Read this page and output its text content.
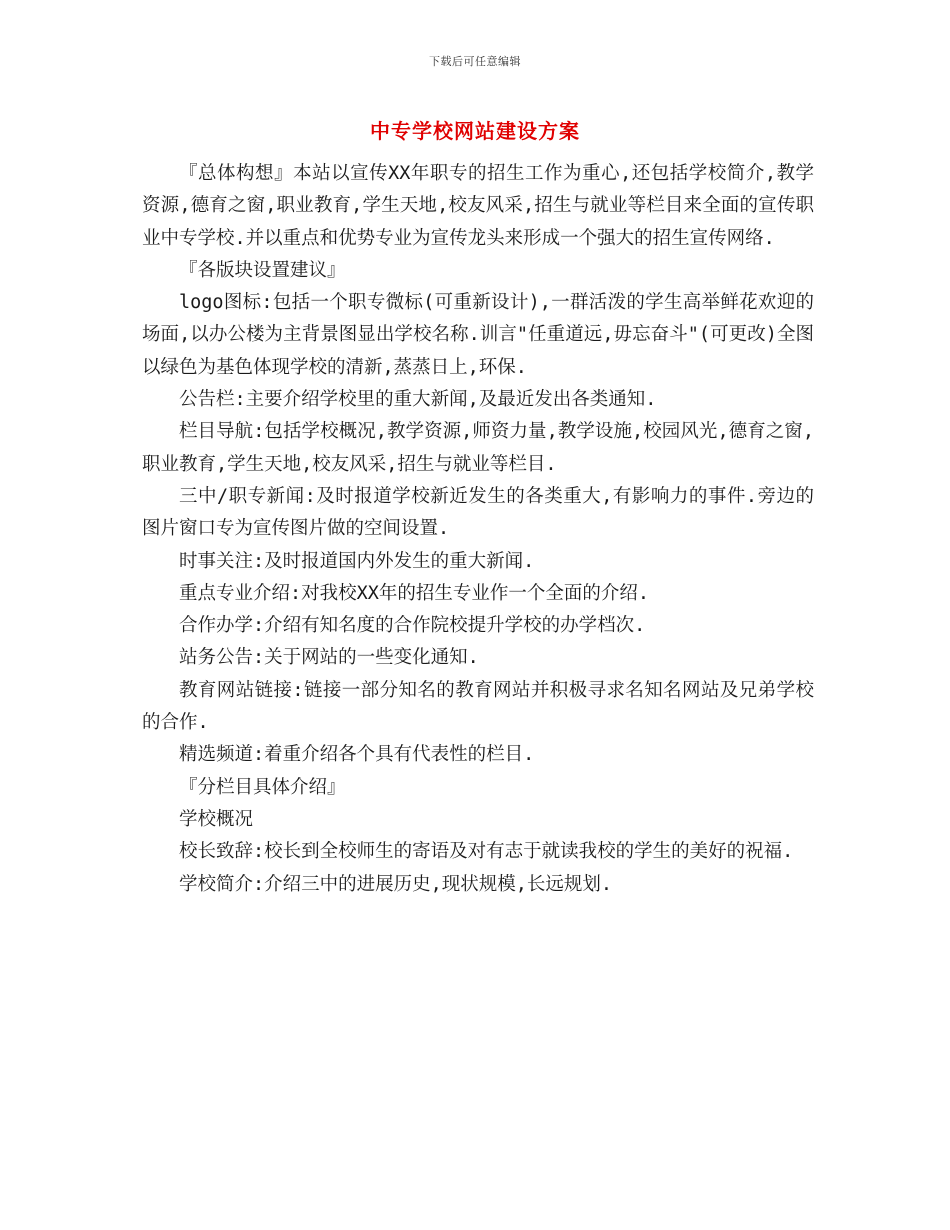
下载后可任意编辑
中专学校网站建设方案

『总体构想』本站以宣传XX年职专的招生工作为重心,还包括学校简介,教学资源,德育之窗,职业教育,学生天地,校友风采,招生与就业等栏目来全面的宣传职业中专学校.并以重点和优势专业为宣传龙头来形成一个强大的招生宣传网络.

『各版块设置建议』

logo图标:包括一个职专微标(可重新设计),一群活泼的学生高举鲜花欢迎的场面,以办公楼为主背景图显出学校名称.训言"任重道远,毋忘奋斗"(可更改)全图以绿色为基色体现学校的清新,蒸蒸日上,环保.

公告栏:主要介绍学校里的重大新闻,及最近发出各类通知.

栏目导航:包括学校概况,教学资源,师资力量,教学设施,校园风光,德育之窗,职业教育,学生天地,校友风采,招生与就业等栏目.

三中/职专新闻:及时报道学校新近发生的各类重大,有影响力的事件.旁边的图片窗口专为宣传图片做的空间设置.

时事关注:及时报道国内外发生的重大新闻.

重点专业介绍:对我校XX年的招生专业作一个全面的介绍.

合作办学:介绍有知名度的合作院校提升学校的办学档次.

站务公告:关于网站的一些变化通知.

教育网站链接:链接一部分知名的教育网站并积极寻求名知名网站及兄弟学校的合作.

精选频道:着重介绍各个具有代表性的栏目.

『分栏目具体介绍』

学校概况

校长致辞:校长到全校师生的寄语及对有志于就读我校的学生的美好的祝福.

学校简介:介绍三中的进展历史,现状规模,长远规划.
